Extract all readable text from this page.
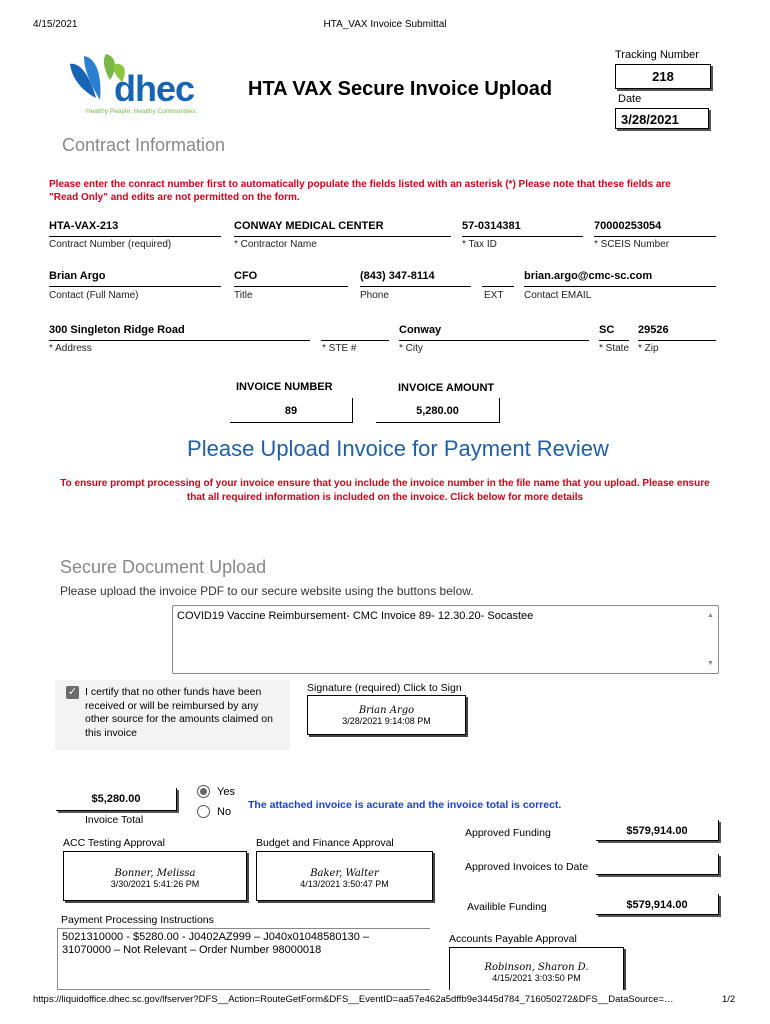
4/15/2021	HTA_VAX Invoice Submittal
dhec
Healthy People. Healthy Communities.
HTA VAX Secure Invoice Upload
Tracking Number
218
Date
3/28/2021
Contract Information
Please enter the conract number first to automatically populate the fields listed with an asterisk (*) Please note that these fields are "Read Only" and edits are not permitted on the form.
HTA-VAX-213
Contract Number (required)
CONWAY MEDICAL CENTER
* Contractor Name
57-0314381
* Tax ID
70000253054
* SCEIS Number
Brian Argo
Contact (Full Name)
CFO
Title
(843) 347-8114
Phone	EXT
brian.argo@cmc-sc.com
Contact EMAIL
300 Singleton Ridge Road
* Address	* STE #
Conway
* City
SC
* State
29526
* Zip
INVOICE NUMBER	INVOICE AMOUNT
89	5,280.00
Please Upload Invoice for Payment Review
To ensure prompt processing of your invoice ensure that you include the invoice number in the file name that you upload. Please ensure that all required information is included on the invoice. Click below for more details
Secure Document Upload
Please upload the invoice PDF to our secure website using the buttons below.
COVID19 Vaccine Reimbursement- CMC Invoice 89- 12.30.20- Socastee	▲
▼
✓ I certify that no other funds have been received or will be reimbursed by any other source for the amounts claimed on this invoice
Signature (required) Click to Sign
Brian Argo
3/28/2021 9:14:08 PM
$5,280.00
Invoice Total
Yes
No
The attached invoice is acurate and the invoice total is correct.
ACC Testing Approval
Bonner, Melissa
3/30/2021 5:41:26 PM
Budget and Finance Approval
Baker, Walter
4/13/2021 3:50:47 PM
Approved Funding	$579,914.00
Approved Invoices to Date
Availible Funding	$579,914.00
Payment Processing Instructions
5021310000 - $5280.00 - J0402AZ999 – J040x01048580130 – 31070000 – Not Relevant – Order Number 98000018
Accounts Payable Approval
Robinson, Sharon D.
4/15/2021 3:03:50 PM
https://liquidoffice.dhec.sc.gov/lfserver?DFS__Action=RouteGetForm&DFS__EventID=aa57e462a5dffb9e3445d784_716050272&DFS__DataSource=…	1/2
